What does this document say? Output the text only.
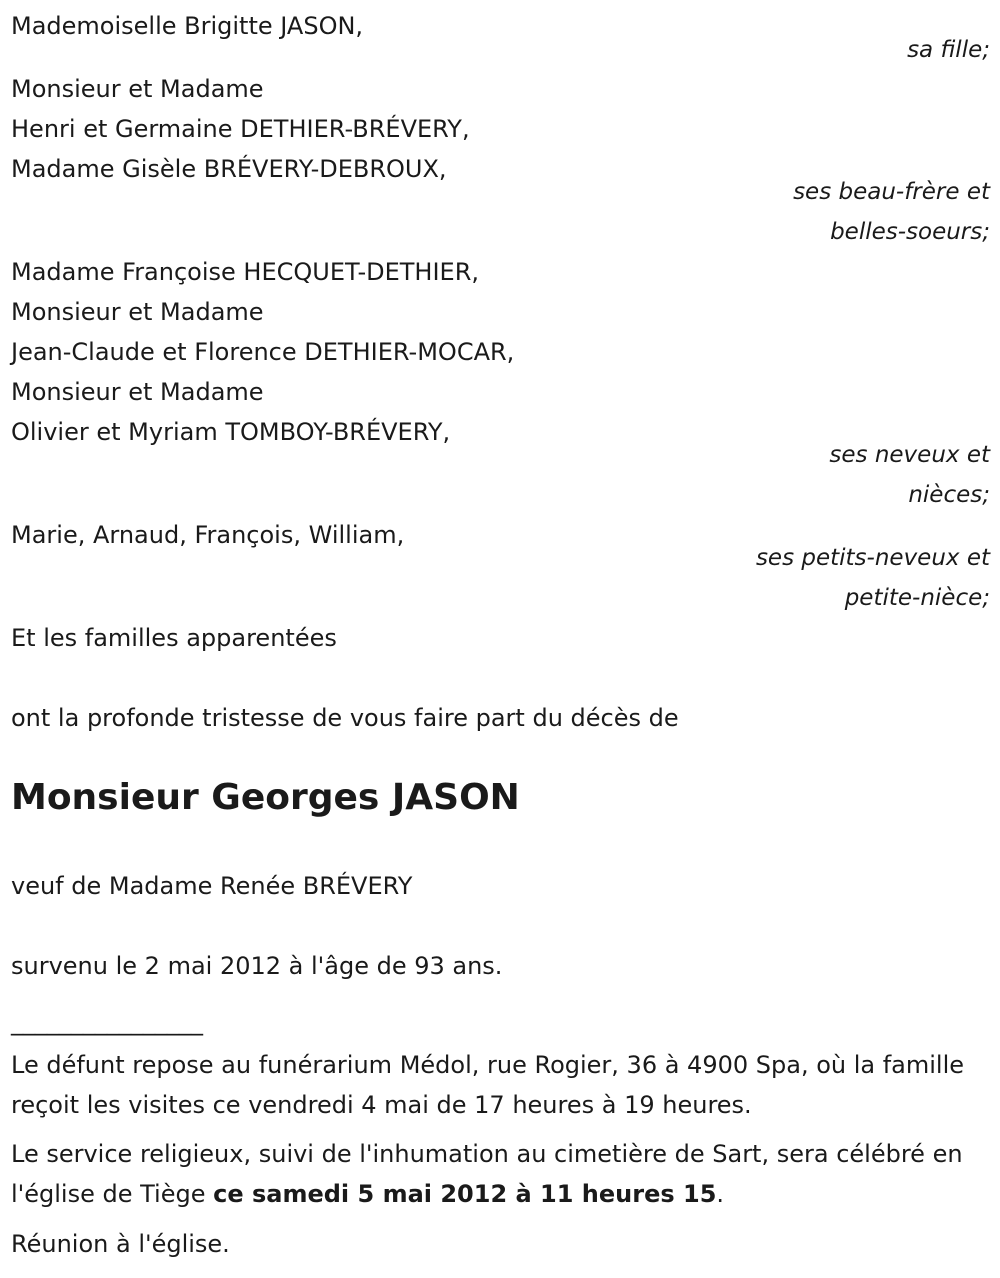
Mademoiselle Brigitte JASON,
sa fille;
Monsieur et Madame
Henri et Germaine DETHIER-BRÉVERY,
Madame Gisèle BRÉVERY-DEBROUX,
ses beau-frère et
belles-soeurs;
Madame Françoise HECQUET-DETHIER,
Monsieur et Madame
Jean-Claude et Florence DETHIER-MOCAR,
Monsieur et Madame
Olivier et Myriam TOMBOY-BRÉVERY,
ses neveux et
nièces;
Marie, Arnaud, François, William,
ses petits-neveux et
petite-nièce;
Et les familles apparentées
ont la profonde tristesse de vous faire part du décès de
Monsieur Georges JASON
veuf de Madame Renée BRÉVERY
survenu le 2 mai 2012 à l'âge de 93 ans.
________________
Le défunt repose au funérarium Médol, rue Rogier, 36 à 4900 Spa, où la famille reçoit les visites ce vendredi 4 mai de 17 heures à 19 heures.
Le service religieux, suivi de l'inhumation au cimetière de Sart, sera célébré en l'église de Tiège ce samedi 5 mai 2012 à 11 heures 15.
Réunion à l'église.
